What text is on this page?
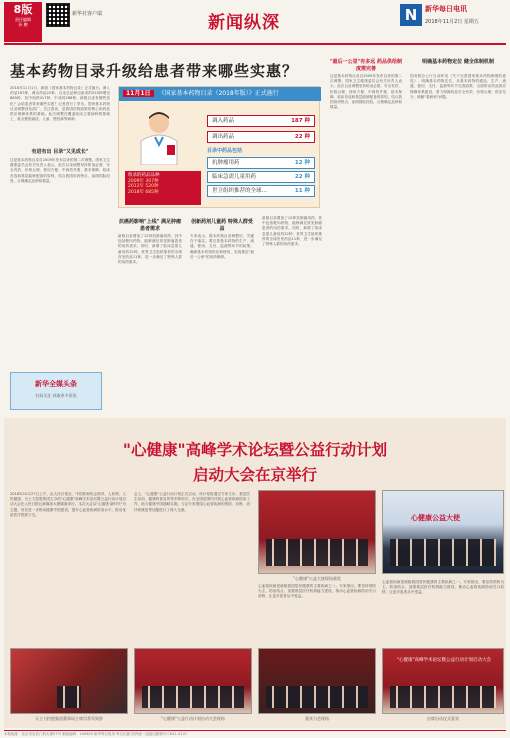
8版
责任编辑
孙 鹏
新华社客户端	新闻纵深	N	新华每日电讯
2018年11月2日 星期五
基本药物目录升级给患者带来哪些实惠？
2018年11月1日，新版《国家基本药物目录》正式施行。调入药品187种，调出药品22种，目录总品种由原来的520种增至685种，其中西药417种、中成药268种。新版目录有哪些变化？会给患者带来哪些实惠？记者进行了采访。国家基本药物目录调整涉及面广、关注度高，是我国药物政策的核心和药品供应保障体系的基础。此次调整在覆盖临床主要病种的基础上，重点聚焦癌症、儿童、慢性病等病种。
有进有出 目录"又见成长"
这是基本药物目录自2009年发布以来的第二次调整。国家卫生健康委员会有关负责人表示，此次目录调整坚持防治必需、安全有效、价格合理、使用方便、中西药并重、基本保障、临床首选和基层能够配备的原则，结合我国用药特点，参照国际经验，合理确定品种和数量。
11月1日 《国家基本药物目录（2018年版）》正式施行
调入药品	187 种
调出药品	22 种
目录中药品包括
抗肿瘤用药	12 种
临床急需儿童用药	22 种
世卫组织推荐的全球…	11 种
收录的药品品种
2009年 307种
2012年 520种
2018年 685种
抗癌药影响"上线" 满足肿瘤患者需求
新版目录增加了12种抗肿瘤用药，其中包括靶向药物，能够满足常见肿瘤患者的用药需求。同时，新增了临床急需儿童用药22种，世界卫生组织推荐的全球首发药品11种，进一步满足了特殊人群的用药需求。
创新药剂儿童药 特殊人群受益
专家表示，基本药物目录调整后，关键在于落实。要完善基本药物的生产、流通、使用、支付、监测等环节的政策，确保基本药物供应和使用，实现基层"最后一公里"的用药保障。
新版目录增加了12种抗肿瘤用药，其中包括靶向药物，能够满足常见肿瘤患者的用药需求。同时，新增了临床急需儿童用药22种，世界卫生组织推荐的全球首发药品11种，进一步满足了特殊人群的用药需求。
"最后一公里"有多远 药品供给制度需完善
这是基本药物目录自2009年发布以来的第二次调整。国家卫生健康委员会有关负责人表示，此次目录调整坚持防治必需、安全有效、价格合理、使用方便、中西药并重、基本保障、临床首选和基层能够配备的原则，结合我国用药特点，参照国际经验，合理确定品种和数量。
明确基本药物定位 健全体制机制
国务院办公厅日前印发《关于完善国家基本药物制度的意见》，明确基本药物定位，从基本药物的遴选、生产、流通、使用、支付、监测等环节完善政策，全面带动药品供应保障体系建设，着力保障药品安全有效、价格合理、供应充分，缓解"看病贵"问题。
新华全媒头条
扫码关注 获取更多资讯
"心健康"高峰学术论坛暨公益行动计划
启动大会在京举行
2018年10月27日上午，由人民日报社、中国医师协会指导，人民网、人民健康、天士力控股集团主办的"心健康"高峰学术论坛暨公益行动计划启动大会在人民日报社新媒体大厦隆重举行。本次大会以"心健康·新时代"为主题，旨在进一步推动健康中国建设，提升心血管疾病防治水平，推动优质医疗资源下沉。
会上，"心健康"公益行动计划正式启动。该计划将通过专家义诊、基层医生培训、健康科普宣传等多种形式，在全国范围内开展心血管疾病防治工作，助力健康中国战略实施。与会专家围绕心血管疾病的预防、诊断、治疗和康复等话题进行了深入交流。
"心健康"公益大使现场颁奖
心健康公益大使
心血管疾病是威胁我国居民健康的主要疾病之一。专家指出，要坚持预防为主、防治结合，加强基层医疗机构能力建设，推动心血管疾病防治关口前移，让更多患者从中受益。
心血管疾病是威胁我国居民健康的主要疾病之一。专家指出，要坚持预防为主、防治结合，加强基层医疗机构能力建设，推动心血管疾病防治关口前移，让更多患者从中受益。
天士力控股集团董事局主席闫希军致辞	"心健康"公益行动计划启动大会现场	嘉宾与会现场
"心健康"高峰学术论坛暨公益行动计划启动大会
出席启动仪式嘉宾
本报地址：北京市宣武门西大街57号 邮政编码：100803 新华每日电讯 每日出版 国内统一连续出版物号 CN11-0137
